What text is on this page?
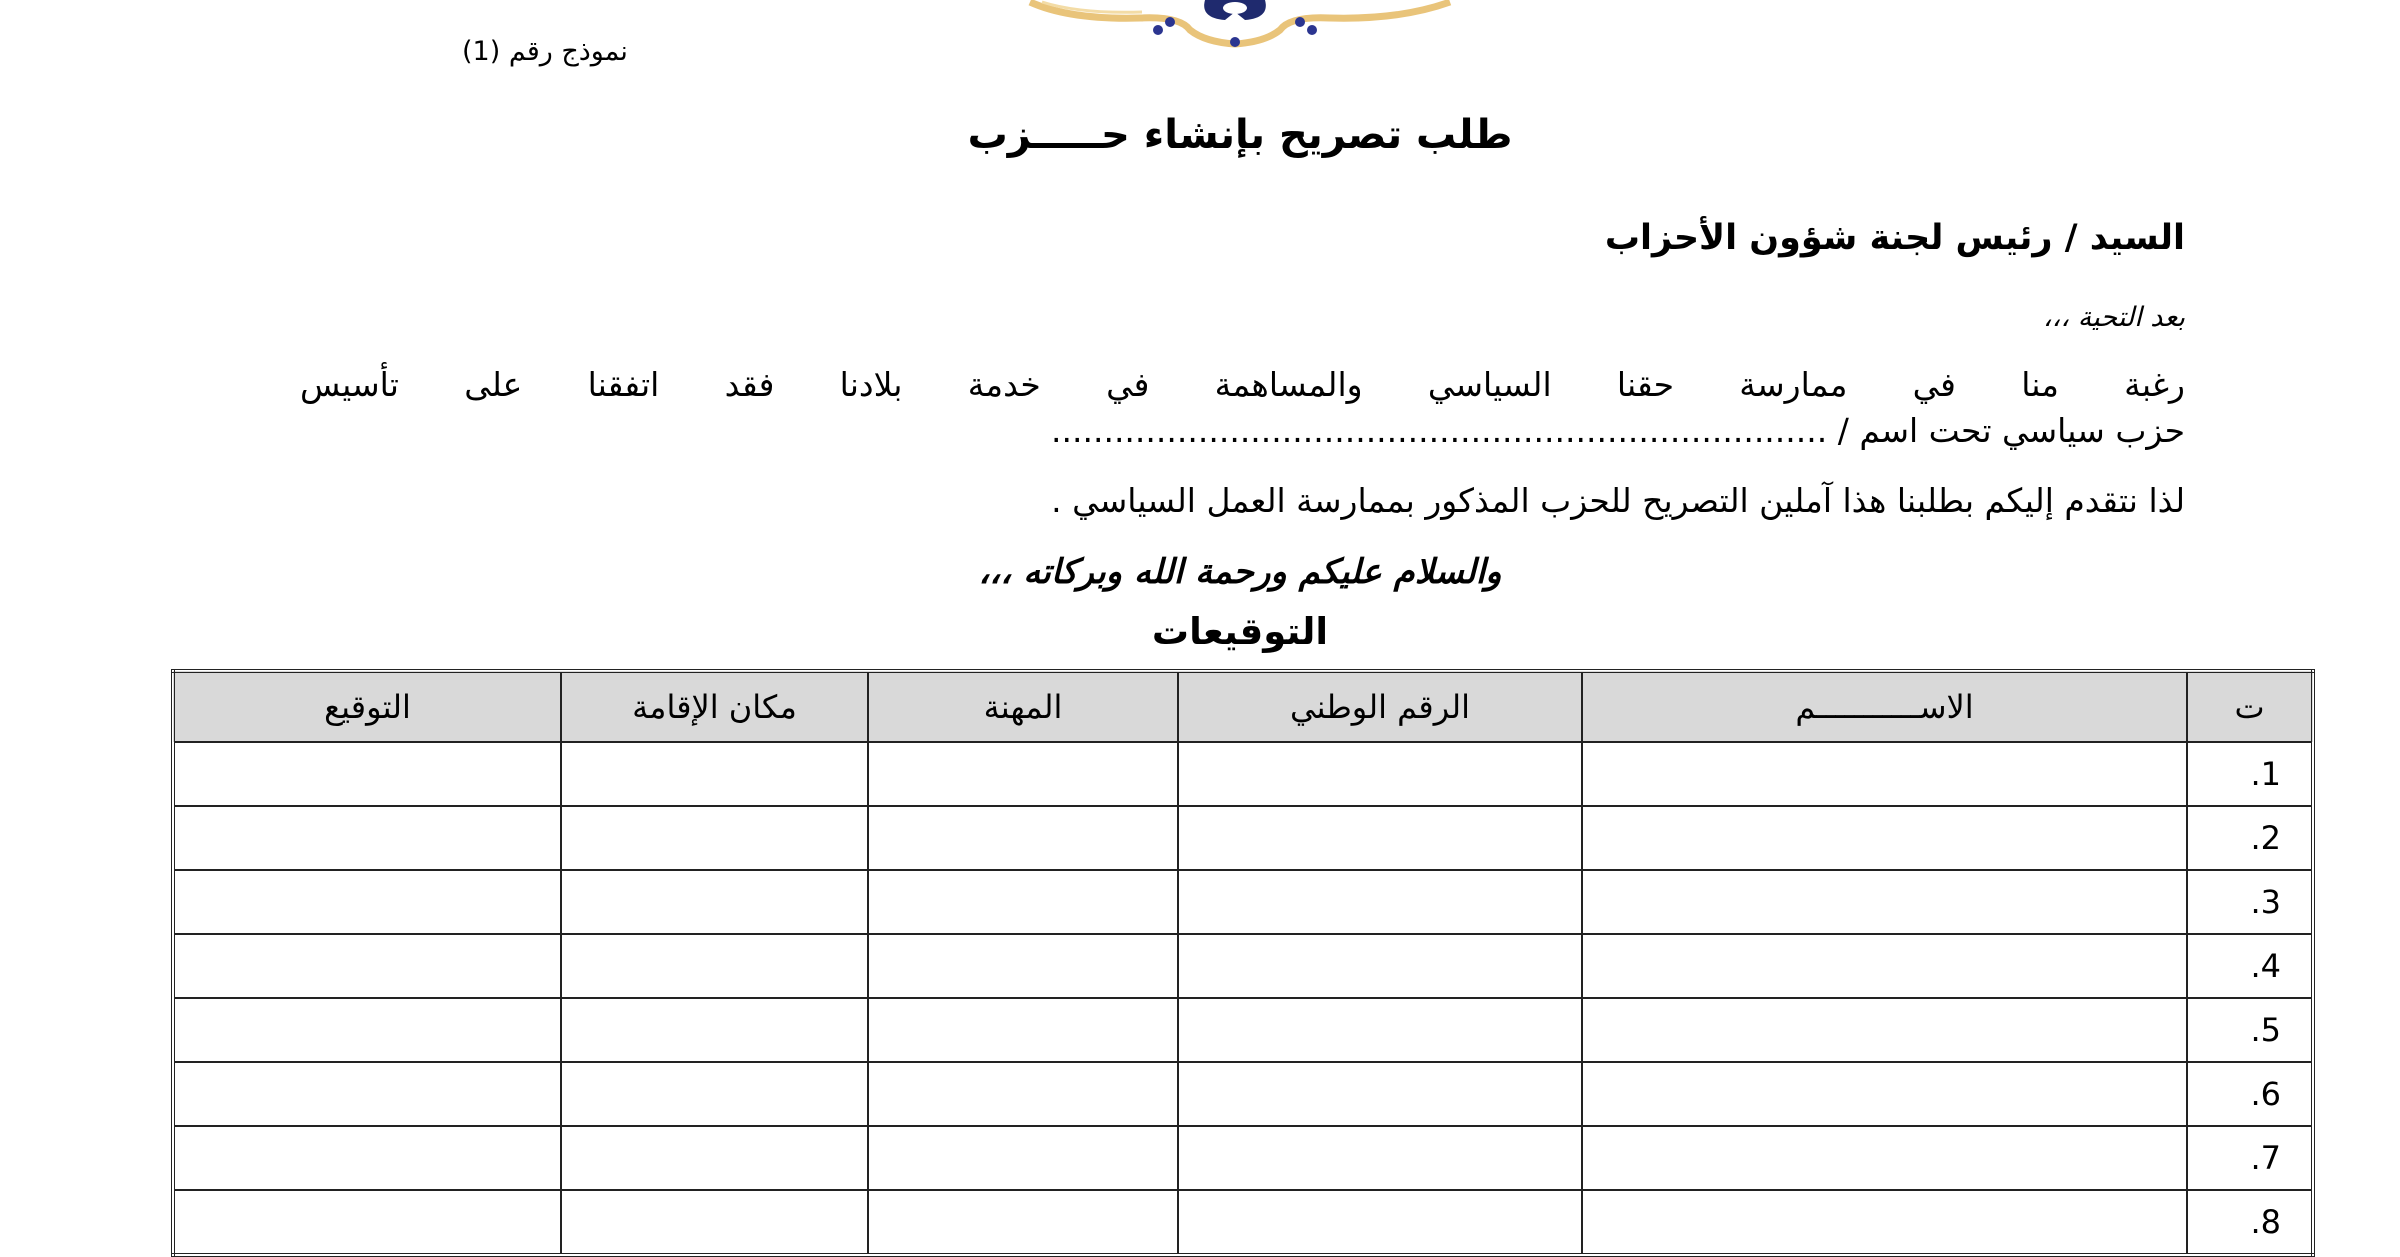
نموذج رقم (1)
طلب تصريح بإنشاء حـــــزب
السيد / رئيس لجنة شؤون الأحزاب
بعد التحية ،،،
رغبة منا في ممارسة حقنا السياسي والمساهمة في خدمة بلادنا فقد اتفقنا على تأسيس
حزب سياسي تحت اسم / ..........................................................................
لذا نتقدم إليكم بطلبنا هذا آملين التصريح للحزب المذكور بممارسة العمل السياسي .
والسلام عليكم ورحمة الله وبركاته ،،،
التوقيعات
ت	الاســـــــــــم	الرقم الوطني	المهنة	مكان الإقامة	التوقيع
.1					
.2					
.3					
.4					
.5					
.6					
.7					
.8					
